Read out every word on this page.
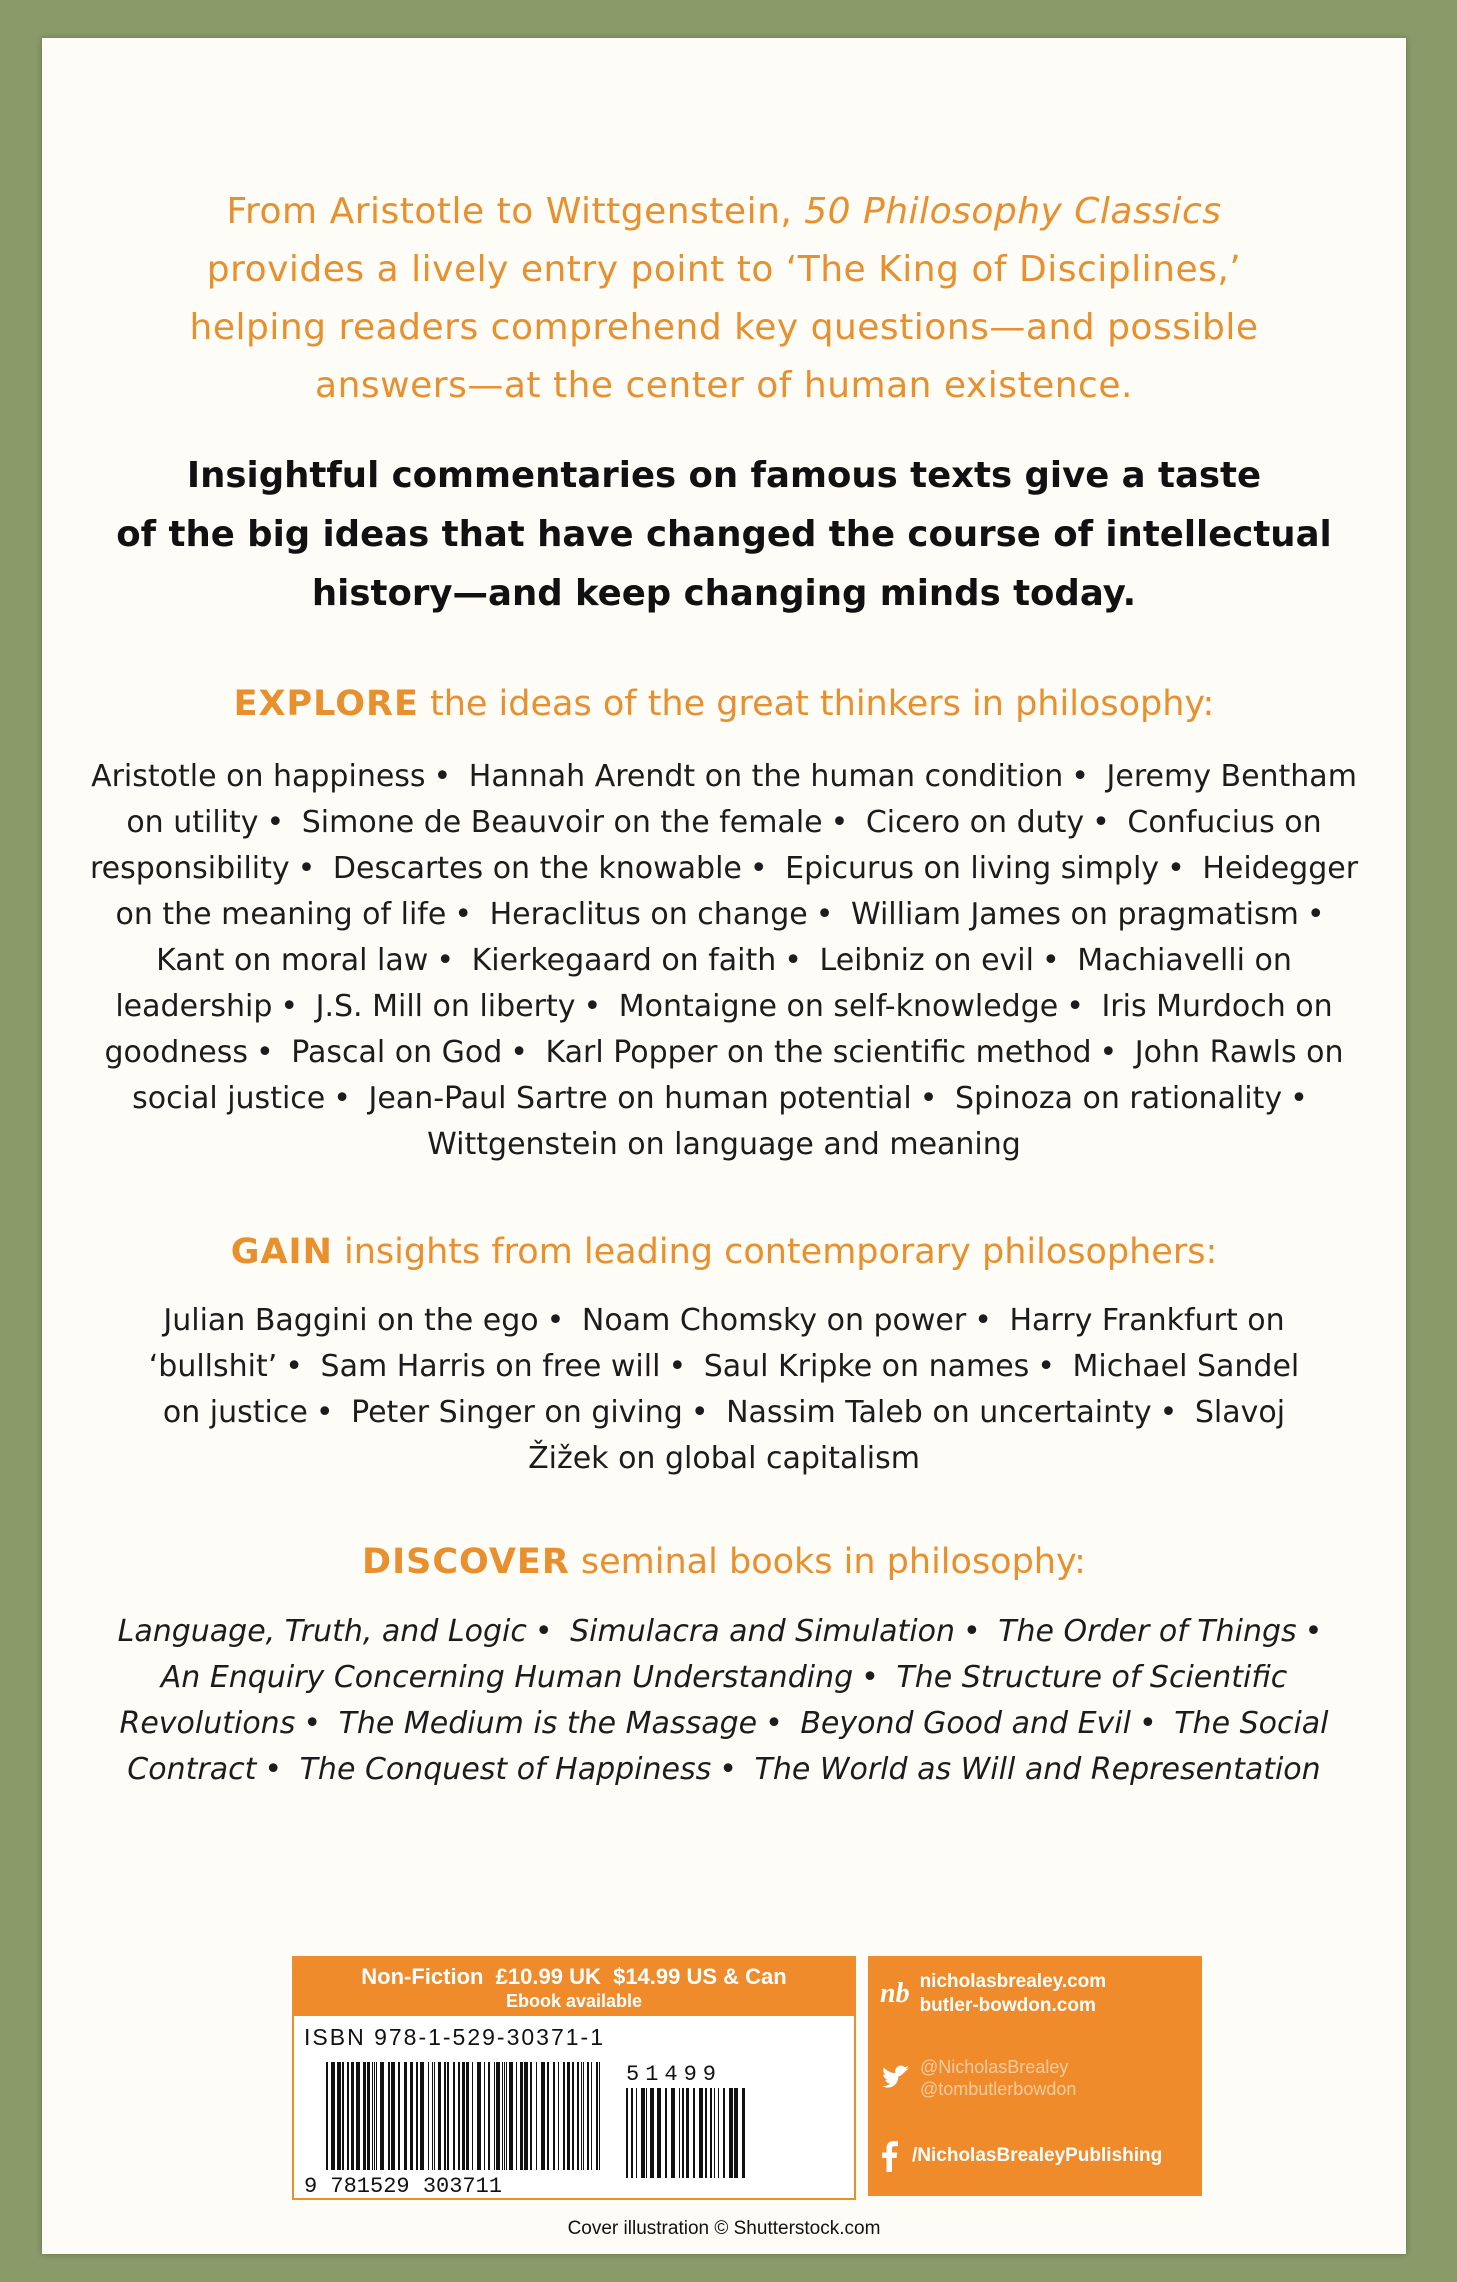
From Aristotle to Wittgenstein, 50 Philosophy Classics
provides a lively entry point to ‘The King of Disciplines,’
helping readers comprehend key questions—and possible
answers—at the center of human existence.
Insightful commentaries on famous texts give a taste
of the big ideas that have changed the course of intellectual
history—and keep changing minds today.
EXPLORE the ideas of the great thinkers in philosophy:
Aristotle on happiness • Hannah Arendt on the human condition • Jeremy Bentham on utility • Simone de Beauvoir on the female • Cicero on duty • Confucius on responsibility • Descartes on the knowable • Epicurus on living simply • Heidegger on the meaning of life • Heraclitus on change • William James on pragmatism • Kant on moral law • Kierkegaard on faith • Leibniz on evil • Machiavelli on leadership • J.S. Mill on liberty • Montaigne on self-knowledge • Iris Murdoch on goodness • Pascal on God • Karl Popper on the scientific method • John Rawls on social justice • Jean-Paul Sartre on human potential • Spinoza on rationality • Wittgenstein on language and meaning
GAIN insights from leading contemporary philosophers:
Julian Baggini on the ego • Noam Chomsky on power • Harry Frankfurt on ‘bullshit’ • Sam Harris on free will • Saul Kripke on names • Michael Sandel on justice • Peter Singer on giving • Nassim Taleb on uncertainty • Slavoj Žižek on global capitalism
DISCOVER seminal books in philosophy:
Language, Truth, and Logic • Simulacra and Simulation • The Order of Things • An Enquiry Concerning Human Understanding • The Structure of Scientific Revolutions • The Medium is the Massage • Beyond Good and Evil • The Social Contract • The Conquest of Happiness • The World as Will and Representation
Non-Fiction  £10.99 UK  $14.99 US & Can
Ebook available
ISBN 978-1-529-30371-1
9 781529 303711
51499
nb nicholasbrealey.com
butler-bowdon.com
@NicholasBrealey
@tombutlerbowdon
/NicholasBrealeyPublishing
Cover illustration © Shutterstock.com
